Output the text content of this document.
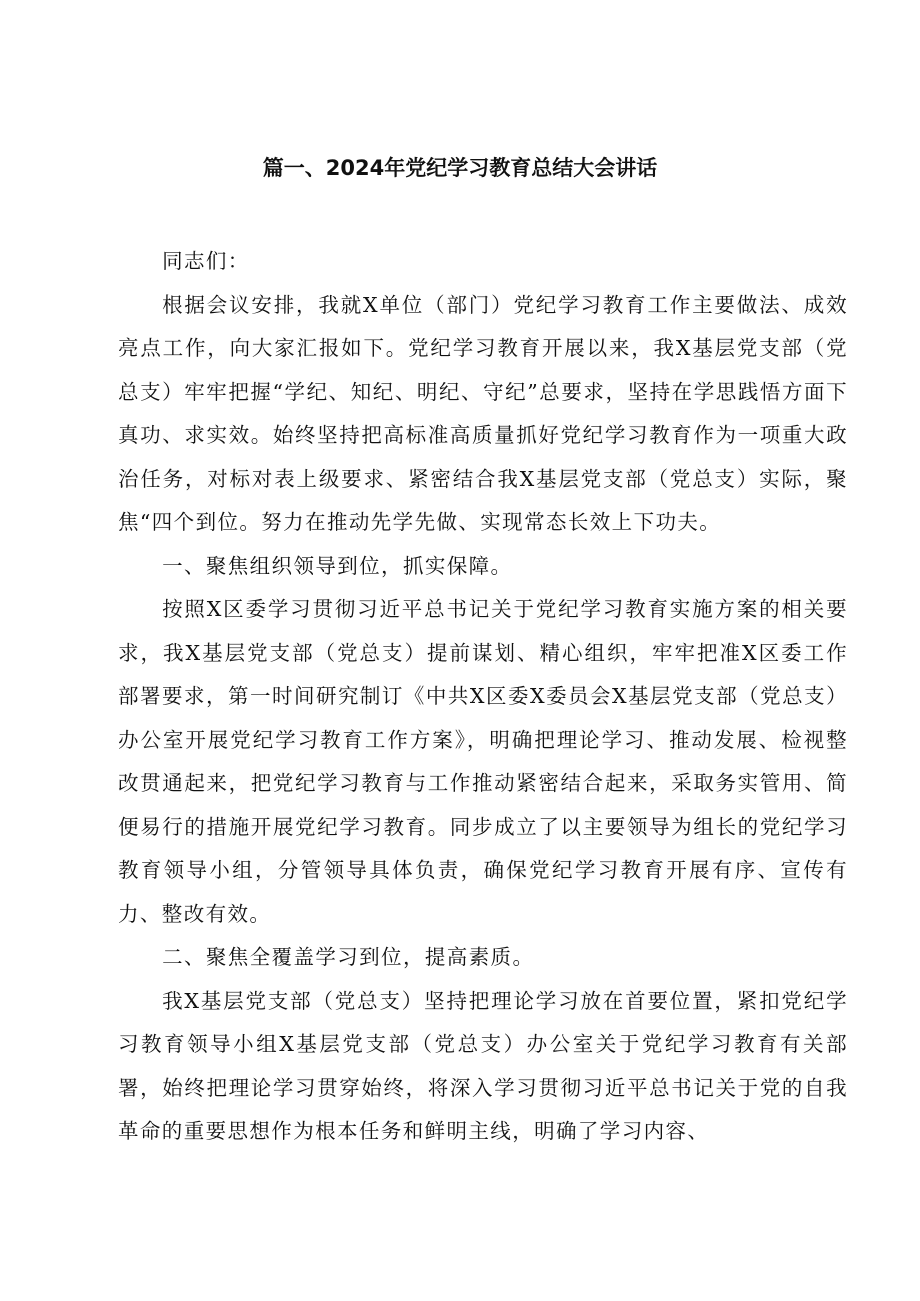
篇一、2024年党纪学习教育总结大会讲话

同志们：

根据会议安排，我就X单位（部门）党纪学习教育工作主要做法、成效亮点工作，向大家汇报如下。党纪学习教育开展以来，我X基层党支部（党总支）牢牢把握“学纪、知纪、明纪、守纪”总要求，坚持在学思践悟方面下真功、求实效。始终坚持把高标准高质量抓好党纪学习教育作为一项重大政治任务，对标对表上级要求、紧密结合我X基层党支部（党总支）实际，聚焦“四个到位。努力在推动先学先做、实现常态长效上下功夫。

一、聚焦组织领导到位，抓实保障。

按照X区委学习贯彻习近平总书记关于党纪学习教育实施方案的相关要求，我X基层党支部（党总支）提前谋划、精心组织，牢牢把准X区委工作部署要求，第一时间研究制订《中共X区委X委员会X基层党支部（党总支）办公室开展党纪学习教育工作方案》，明确把理论学习、推动发展、检视整改贯通起来，把党纪学习教育与工作推动紧密结合起来，采取务实管用、简便易行的措施开展党纪学习教育。同步成立了以主要领导为组长的党纪学习教育领导小组，分管领导具体负责，确保党纪学习教育开展有序、宣传有力、整改有效。

二、聚焦全覆盖学习到位，提高素质。

我X基层党支部（党总支）坚持把理论学习放在首要位置，紧扣党纪学习教育领导小组X基层党支部（党总支）办公室关于党纪学习教育有关部署，始终把理论学习贯穿始终，将深入学习贯彻习近平总书记关于党的自我革命的重要思想作为根本任务和鲜明主线，明确了学习内容、
